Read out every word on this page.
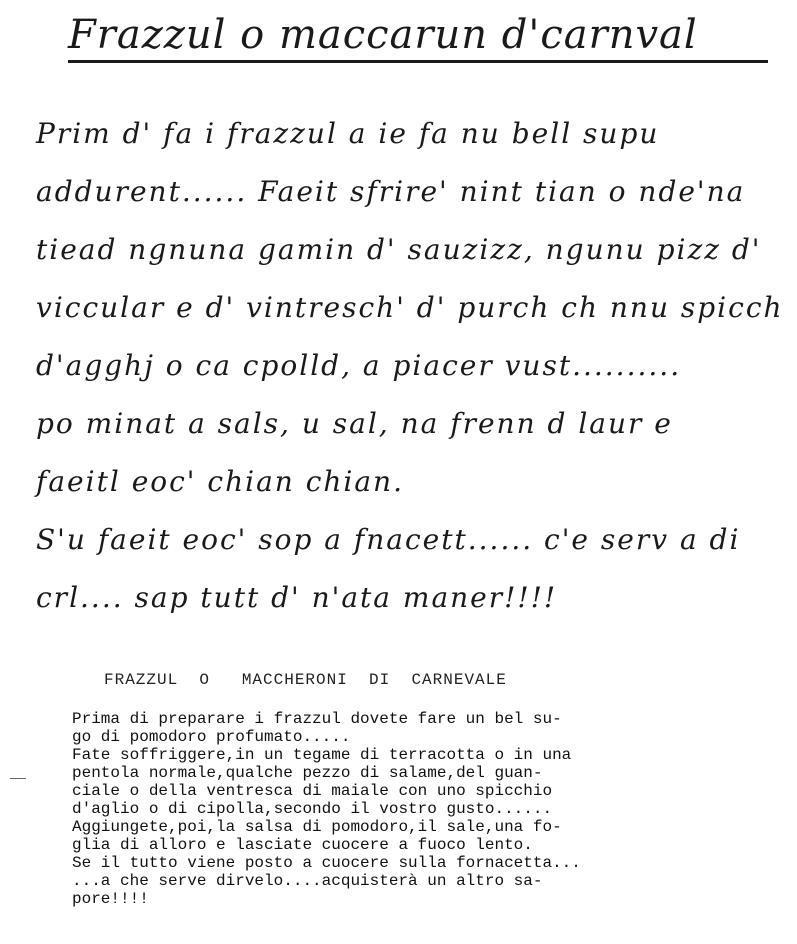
Frazzul o maccarun d'carnval
Prim d' fa i frazzul a ie fa nu bell supu
addurent...... Faeit sfrire' nint tian o nde'na
tiead ngnuna gamin d' sauzizz, ngunu pizz d'
viccular e d' vintresch' d' purch ch nnu spicch
d'agghj o ca cpolld, a piacer vust..........
po minat a sals, u sal, na frenn d laur e
faeitl eoc' chian chian.
S'u faeit eoc' sop a fnacett...... c'e serv a di
crl.... sap tutt d' n'ata maner!!!!
FRAZZUL  O   MACCHERONI  DI  CARNEVALE
Prima di preparare i frazzul dovete fare un bel su-
go di pomodoro profumato.....
Fate soffriggere,in un tegame di terracotta o in una
pentola normale,qualche pezzo di salame,del guan-
ciale o della ventresca di maiale con uno spicchio
d'aglio o di cipolla,secondo il vostro gusto......
Aggiungete,poi,la salsa di pomodoro,il sale,una fo-
glia di alloro e lasciate cuocere a fuoco lento.
Se il tutto viene posto a cuocere sulla fornacetta...
...a che serve dirvelo....acquisterà un altro sa-
pore!!!!
